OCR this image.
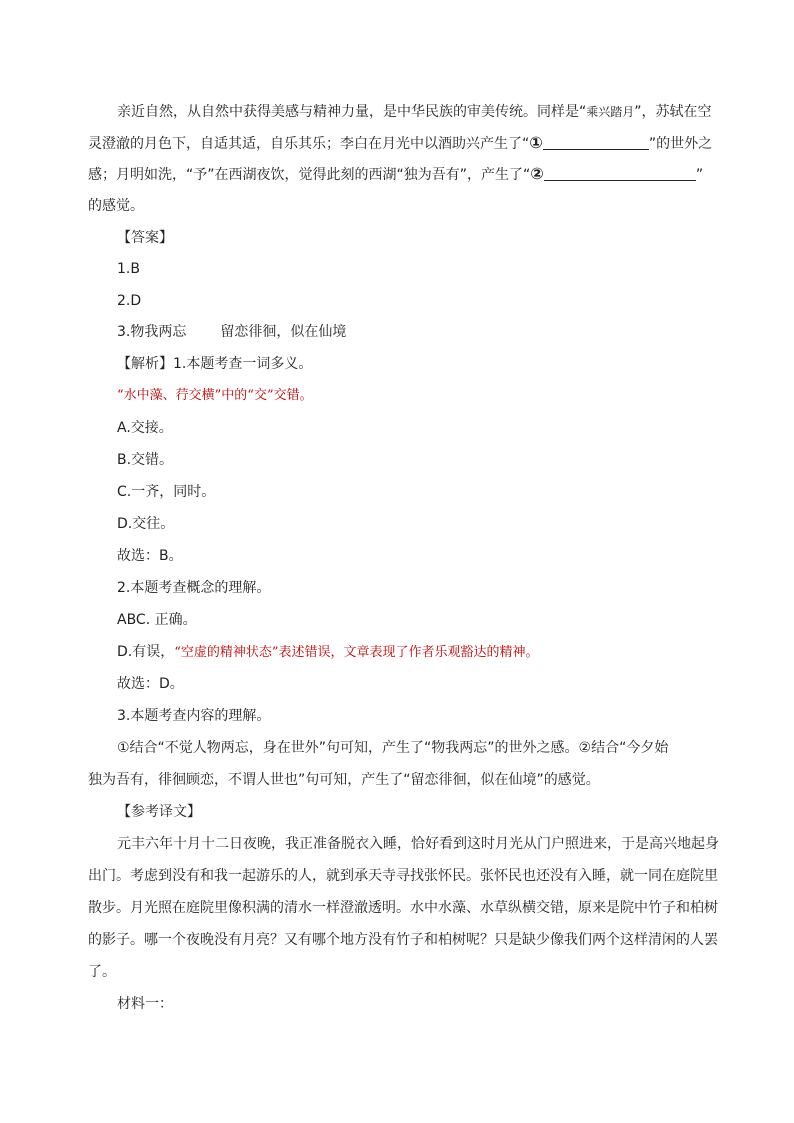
亲近自然，从自然中获得美感与精神力量，是中华民族的审美传统。同样是“乘兴踏月”，苏轼在空
灵澄澈的月色下，自适其适，自乐其乐；李白在月光中以酒助兴产生了“①	”的世外之
感；月明如洗，“予”在西湖夜饮，觉得此刻的西湖“独为吾有”，产生了“②	”
的感觉。
【答案】
1.B
2.D
3.物我两忘 留恋徘徊，似在仙境
【解析】1.本题考查一词多义。
“水中藻、荇交横”中的“交”交错。
A.交接。
B.交错。
C.一齐，同时。
D.交往。
故选：B。
2.本题考查概念的理解。
ABC. 正确。
D.有误，“空虚的精神状态”表述错误，文章表现了作者乐观豁达的精神。
故选：D。
3.本题考查内容的理解。
①结合“不觉人物两忘，身在世外”句可知，产生了“物我两忘”的世外之感。②结合“今夕始
独为吾有，徘徊顾恋，不谓人世也”句可知，产生了“留恋徘徊，似在仙境”的感觉。
【参考译文】
元丰六年十月十二日夜晚，我正准备脱衣入睡，恰好看到这时月光从门户照进来，于是高兴地起身
出门。考虑到没有和我一起游乐的人，就到承天寺寻找张怀民。张怀民也还没有入睡，就一同在庭院里
散步。月光照在庭院里像积满的清水一样澄澈透明。水中水藻、水草纵横交错，原来是院中竹子和柏树
的影子。哪一个夜晚没有月亮？又有哪个地方没有竹子和柏树呢？只是缺少像我们两个这样清闲的人罢
了。
材料一：
